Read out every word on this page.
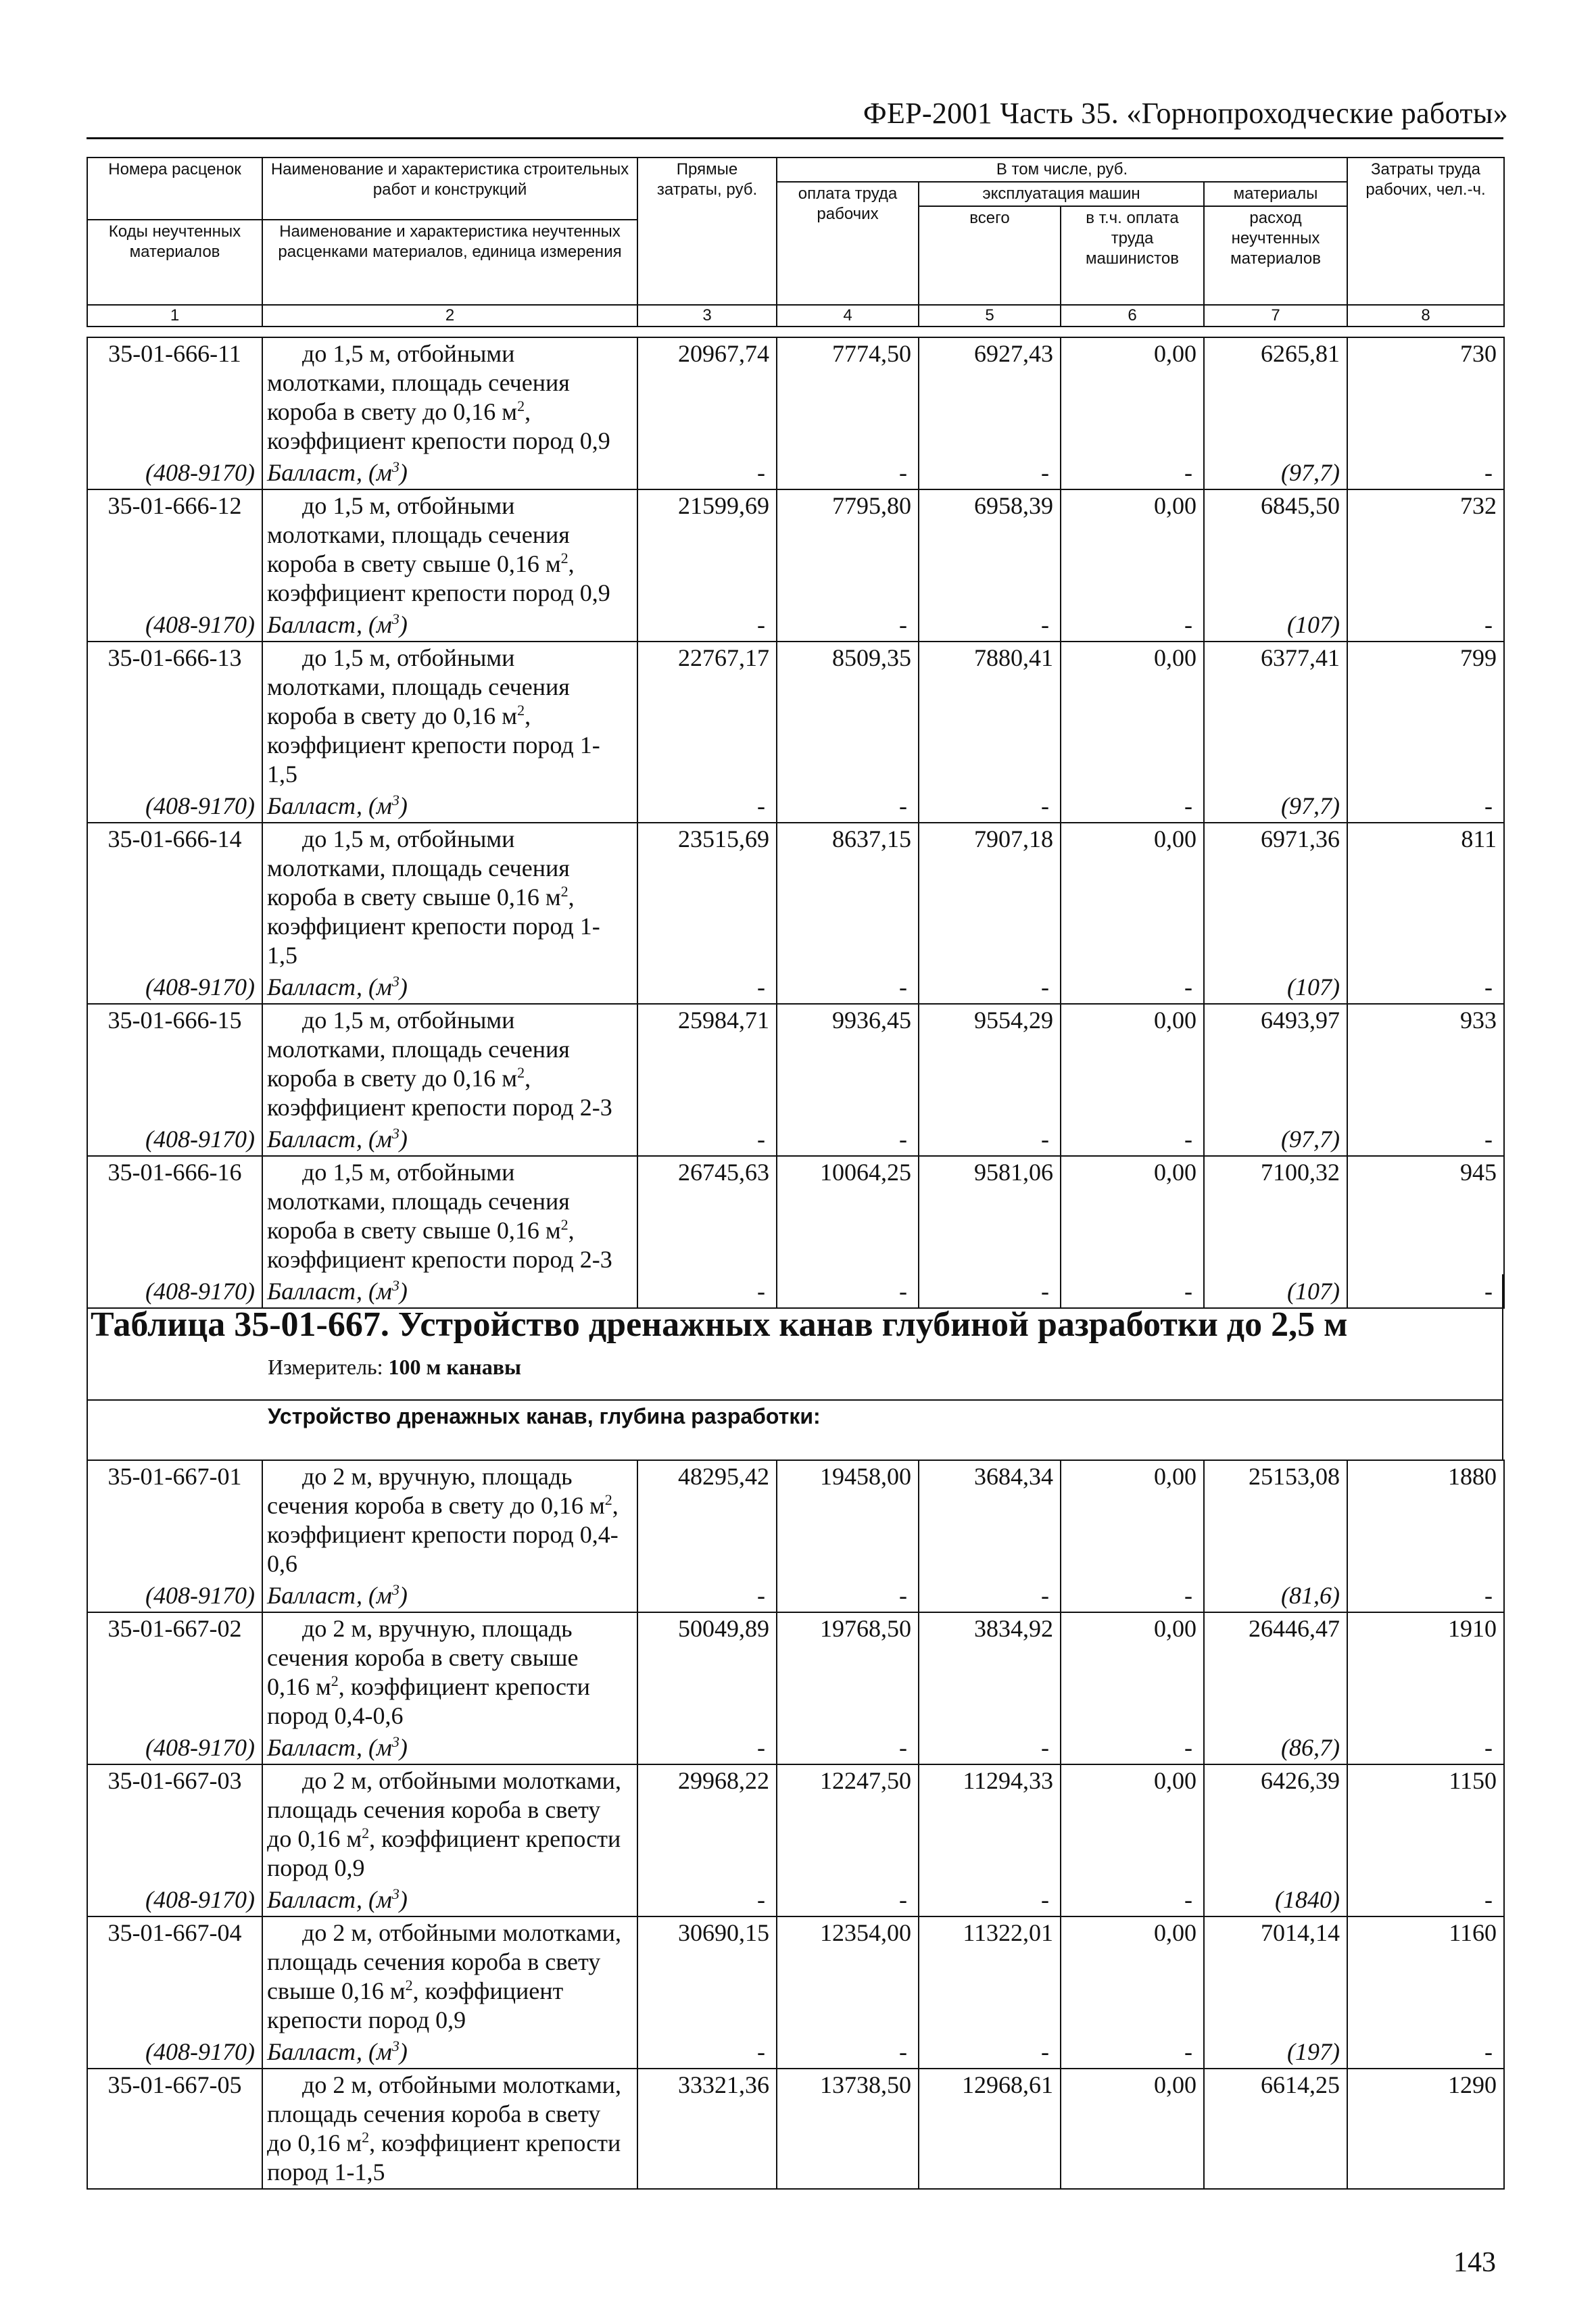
ФЕР-2001 Часть 35. «Горнопроходческие работы»
Номера расценок	Наименование и характеристика строительных работ и конструкций	Прямые затраты, руб.	В том числе, руб.				Затраты труда рабочих, чел.-ч.
			оплата труда рабочих	эксплуатация машин		материалы	
				всего	в т.ч. оплата труда машинистов	расход неучтенных материалов	
Коды неучтенных материалов	Наименование и характеристика неучтенных расценками материалов, единица измерения						

1	2	3	4	5	6	7	8
35-01-666-11	до 1,5 м, отбойными
молотками, площадь сечения
короба в свету до 0,16 $м^2$,
коэффициент крепости пород 0,9	20967,74	7774,50	6927,43	0,00	6265,81	730
(408-9170)	Балласт, $(м^3)$	-	-	-	-	(97,7)	-
35-01-666-12	до 1,5 м, отбойными
молотками, площадь сечения
короба в свету свыше 0,16 $м^2$,
коэффициент крепости пород 0,9	21599,69	7795,80	6958,39	0,00	6845,50	732
(408-9170)	Балласт, $(м^3)$	-	-	-	-	(107)	-
35-01-666-13	до 1,5 м, отбойными
молотками, площадь сечения
короба в свету до 0,16 $м^2$,
коэффициент крепости пород 1-
1,5	22767,17	8509,35	7880,41	0,00	6377,41	799
(408-9170)	Балласт, $(м^3)$	-	-	-	-	(97,7)	-
35-01-666-14	до 1,5 м, отбойными
молотками, площадь сечения
короба в свету свыше 0,16 $м^2$,
коэффициент крепости пород 1-
1,5	23515,69	8637,15	7907,18	0,00	6971,36	811
(408-9170)	Балласт, $(м^3)$	-	-	-	-	(107)	-
35-01-666-15	до 1,5 м, отбойными
молотками, площадь сечения
короба в свету до 0,16 $м^2$,
коэффициент крепости пород 2-3	25984,71	9936,45	9554,29	0,00	6493,97	933
(408-9170)	Балласт, $(м^3)$	-	-	-	-	(97,7)	-
35-01-666-16	до 1,5 м, отбойными
молотками, площадь сечения
короба в свету свыше 0,16 $м^2$,
коэффициент крепости пород 2-3	26745,63	10064,25	9581,06	0,00	7100,32	945
(408-9170)	Балласт, $(м^3)$	-	-	-	-	(107)	-
Таблица 35-01-667. Устройство дренажных канав глубиной разработки до 2,5 м
Измеритель: 100 м канавы
Устройство дренажных канав, глубина разработки:
35-01-667-01	до 2 м, вручную, площадь
сечения короба в свету до 0,16 $м^2$,
коэффициент крепости пород 0,4-
0,6	48295,42	19458,00	3684,34	0,00	25153,08	1880
(408-9170)	Балласт, $(м^3)$	-	-	-	-	(81,6)	-
35-01-667-02	до 2 м, вручную, площадь
сечения короба в свету свыше
0,16 $м^2$, коэффициент крепости
пород 0,4-0,6	50049,89	19768,50	3834,92	0,00	26446,47	1910
(408-9170)	Балласт, $(м^3)$	-	-	-	-	(86,7)	-
35-01-667-03	до 2 м, отбойными молотками,
площадь сечения короба в свету
до 0,16 $м^2$, коэффициент крепости
пород 0,9	29968,22	12247,50	11294,33	0,00	6426,39	1150
(408-9170)	Балласт, $(м^3)$	-	-	-	-	(1840)	-
35-01-667-04	до 2 м, отбойными молотками,
площадь сечения короба в свету
свыше 0,16 $м^2$, коэффициент
крепости пород 0,9	30690,15	12354,00	11322,01	0,00	7014,14	1160
(408-9170)	Балласт, $(м^3)$	-	-	-	-	(197)	-
35-01-667-05	до 2 м, отбойными молотками,
площадь сечения короба в свету
до 0,16 $м^2$, коэффициент крепости
пород 1-1,5	33321,36	13738,50	12968,61	0,00	6614,25	1290
143
